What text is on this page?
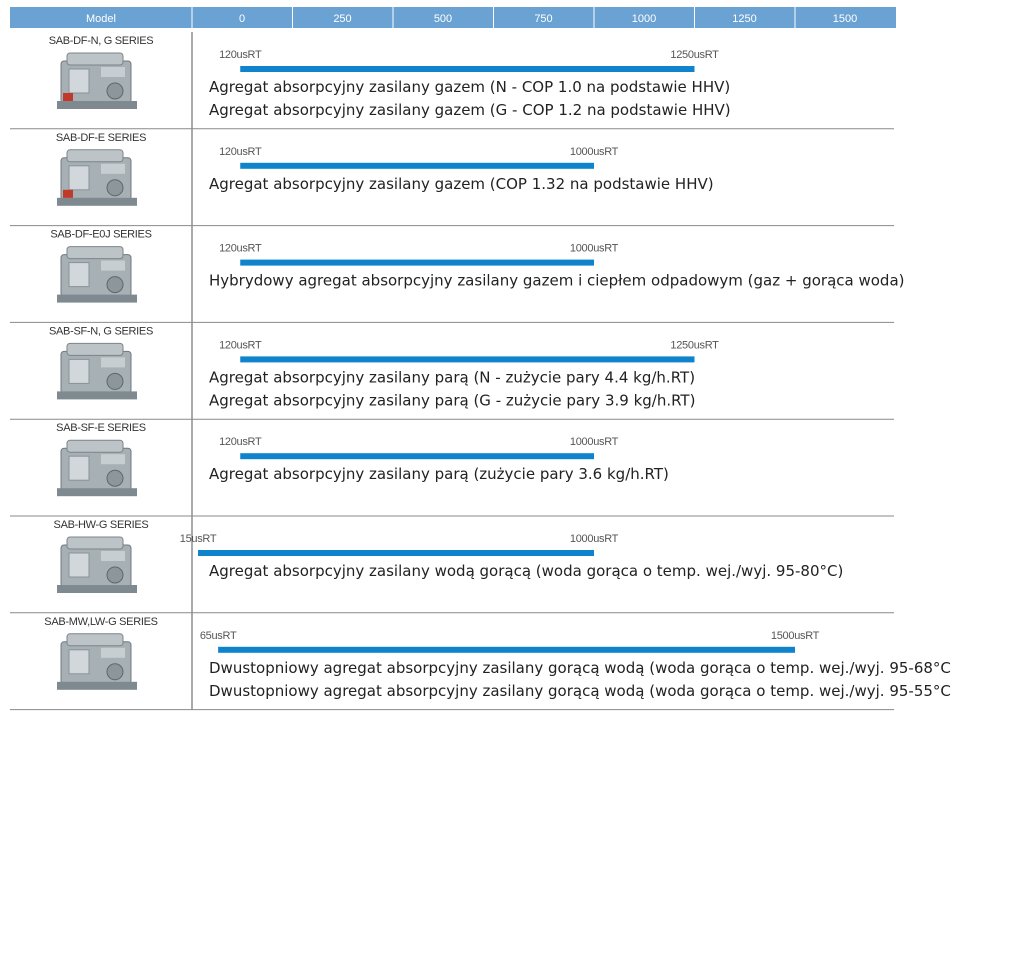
Model	0	250	500	750	1000	1250	1500
SAB-DF-N, G SERIES
120usRT	1250usRT
Agregat absorpcyjny zasilany gazem (N - COP 1.0 na podstawie HHV)
Agregat absorpcyjny zasilany gazem (G - COP 1.2 na podstawie HHV)
SAB-DF-E SERIES
120usRT	1000usRT
Agregat absorpcyjny zasilany gazem (COP 1.32 na podstawie HHV)
SAB-DF-E0J SERIES
120usRT	1000usRT
Hybrydowy agregat absorpcyjny zasilany gazem i ciepłem odpadowym (gaz + gorąca woda)
SAB-SF-N, G SERIES
120usRT	1250usRT
Agregat absorpcyjny zasilany parą (N - zużycie pary 4.4 kg/h.RT)
Agregat absorpcyjny zasilany parą (G - zużycie pary 3.9 kg/h.RT)
SAB-SF-E SERIES
120usRT	1000usRT
Agregat absorpcyjny zasilany parą (zużycie pary 3.6 kg/h.RT)
SAB-HW-G SERIES
15usRT	1000usRT
Agregat absorpcyjny zasilany wodą gorącą (woda gorąca o temp. wej./wyj. 95-80°C)
SAB-MW,LW-G SERIES
65usRT	1500usRT
Dwustopniowy agregat absorpcyjny zasilany gorącą wodą (woda gorąca o temp. wej./wyj. 95-68°C
Dwustopniowy agregat absorpcyjny zasilany gorącą wodą (woda gorąca o temp. wej./wyj. 95-55°C
